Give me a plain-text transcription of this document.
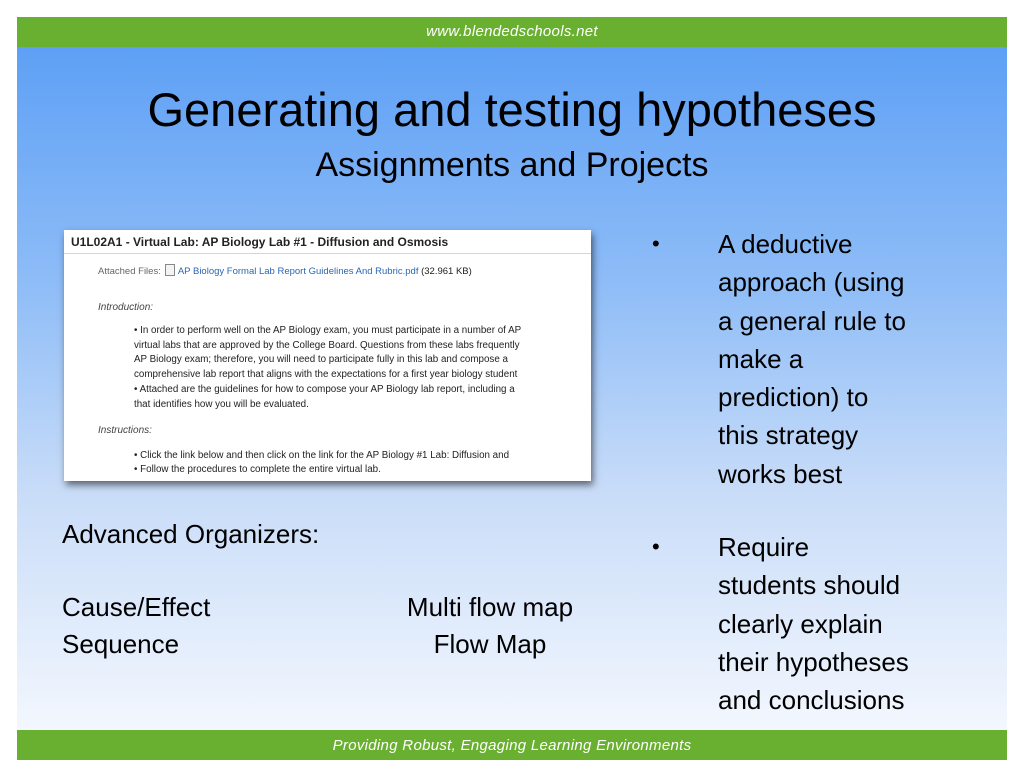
www.blendedschools.net
Generating and testing hypotheses
Assignments and Projects
U1L02A1 - Virtual Lab: AP Biology Lab #1 - Diffusion and Osmosis
Attached Files: AP Biology Formal Lab Report Guidelines And Rubric.pdf (32.961 KB)
Introduction:
• In order to perform well on the AP Biology exam, you must participate in a number of AP
virtual labs that are approved by the College Board. Questions from these labs frequently
AP Biology exam; therefore, you will need to participate fully in this lab and compose a
comprehensive lab report that aligns with the expectations for a first year biology student
• Attached are the guidelines for how to compose your AP Biology lab report, including a
that identifies how you will be evaluated.
Instructions:
• Click the link below and then click on the link for the AP Biology #1 Lab: Diffusion and
• Follow the procedures to complete the entire virtual lab.
Advanced Organizers:
Cause/Effect
Sequence
Multi flow map
Flow Map
• A deductive
approach (using
a general rule to
make a
prediction) to
this strategy
works best
• Require
students should
clearly explain
their hypotheses
and conclusions
Providing Robust, Engaging Learning Environments
